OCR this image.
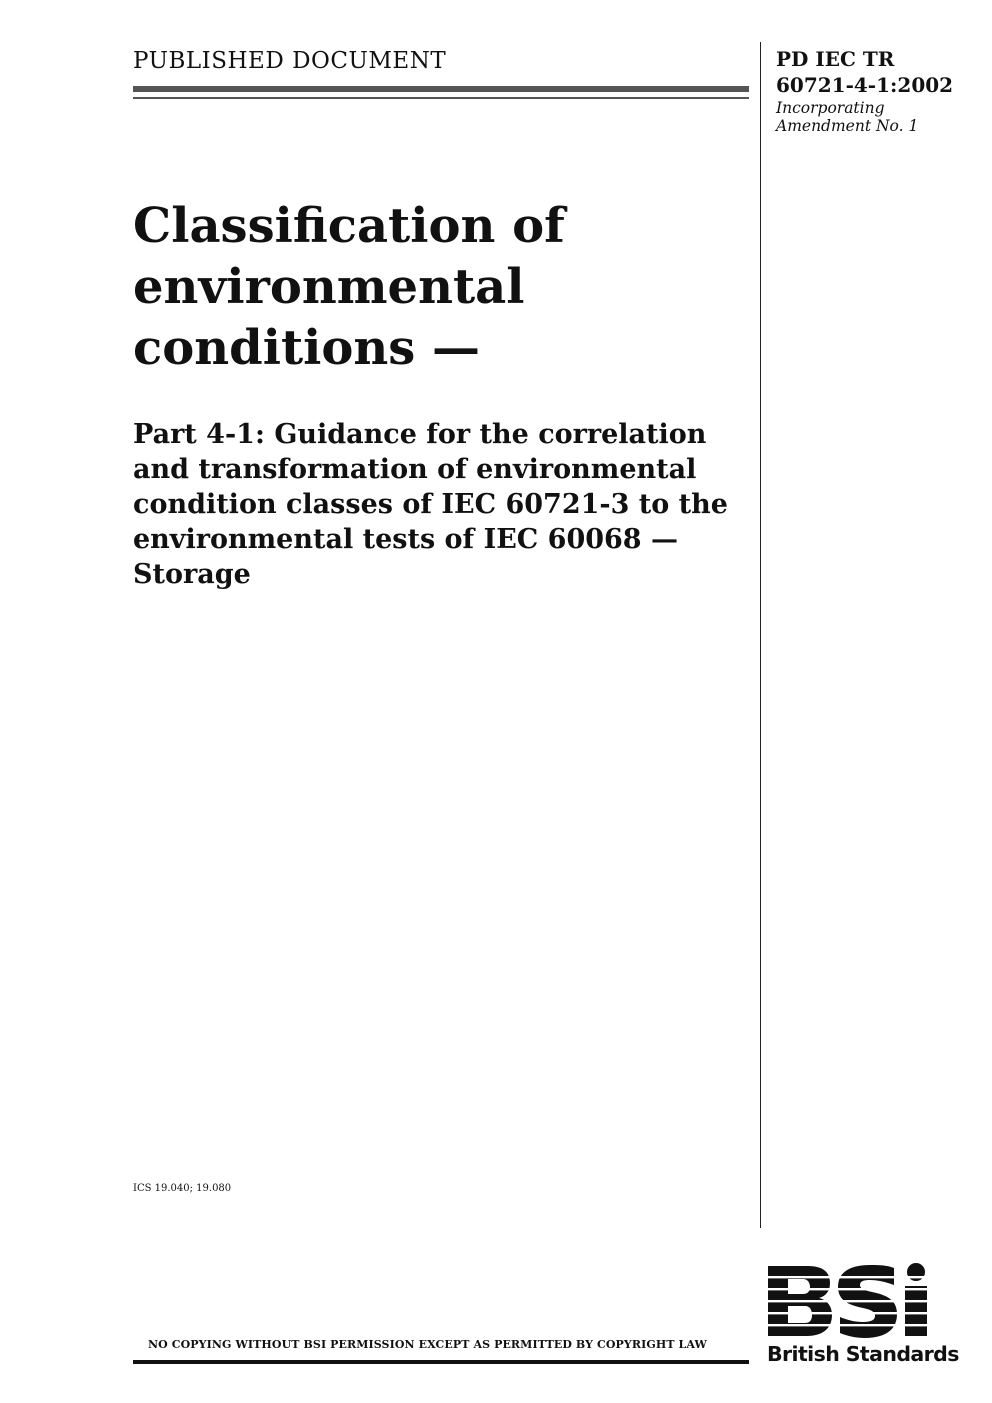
PUBLISHED DOCUMENT	PD IEC TR
60721-4-1:2002
Incorporating
Amendment No. 1
Classification of
environmental
conditions —
Part 4-1: Guidance for the correlation
and transformation of environmental
condition classes of IEC 60721-3 to the
environmental tests of IEC 60068 —
Storage
ICS 19.040; 19.080
NO COPYING WITHOUT BSI PERMISSION EXCEPT AS PERMITTED BY COPYRIGHT LAW	British Standards
